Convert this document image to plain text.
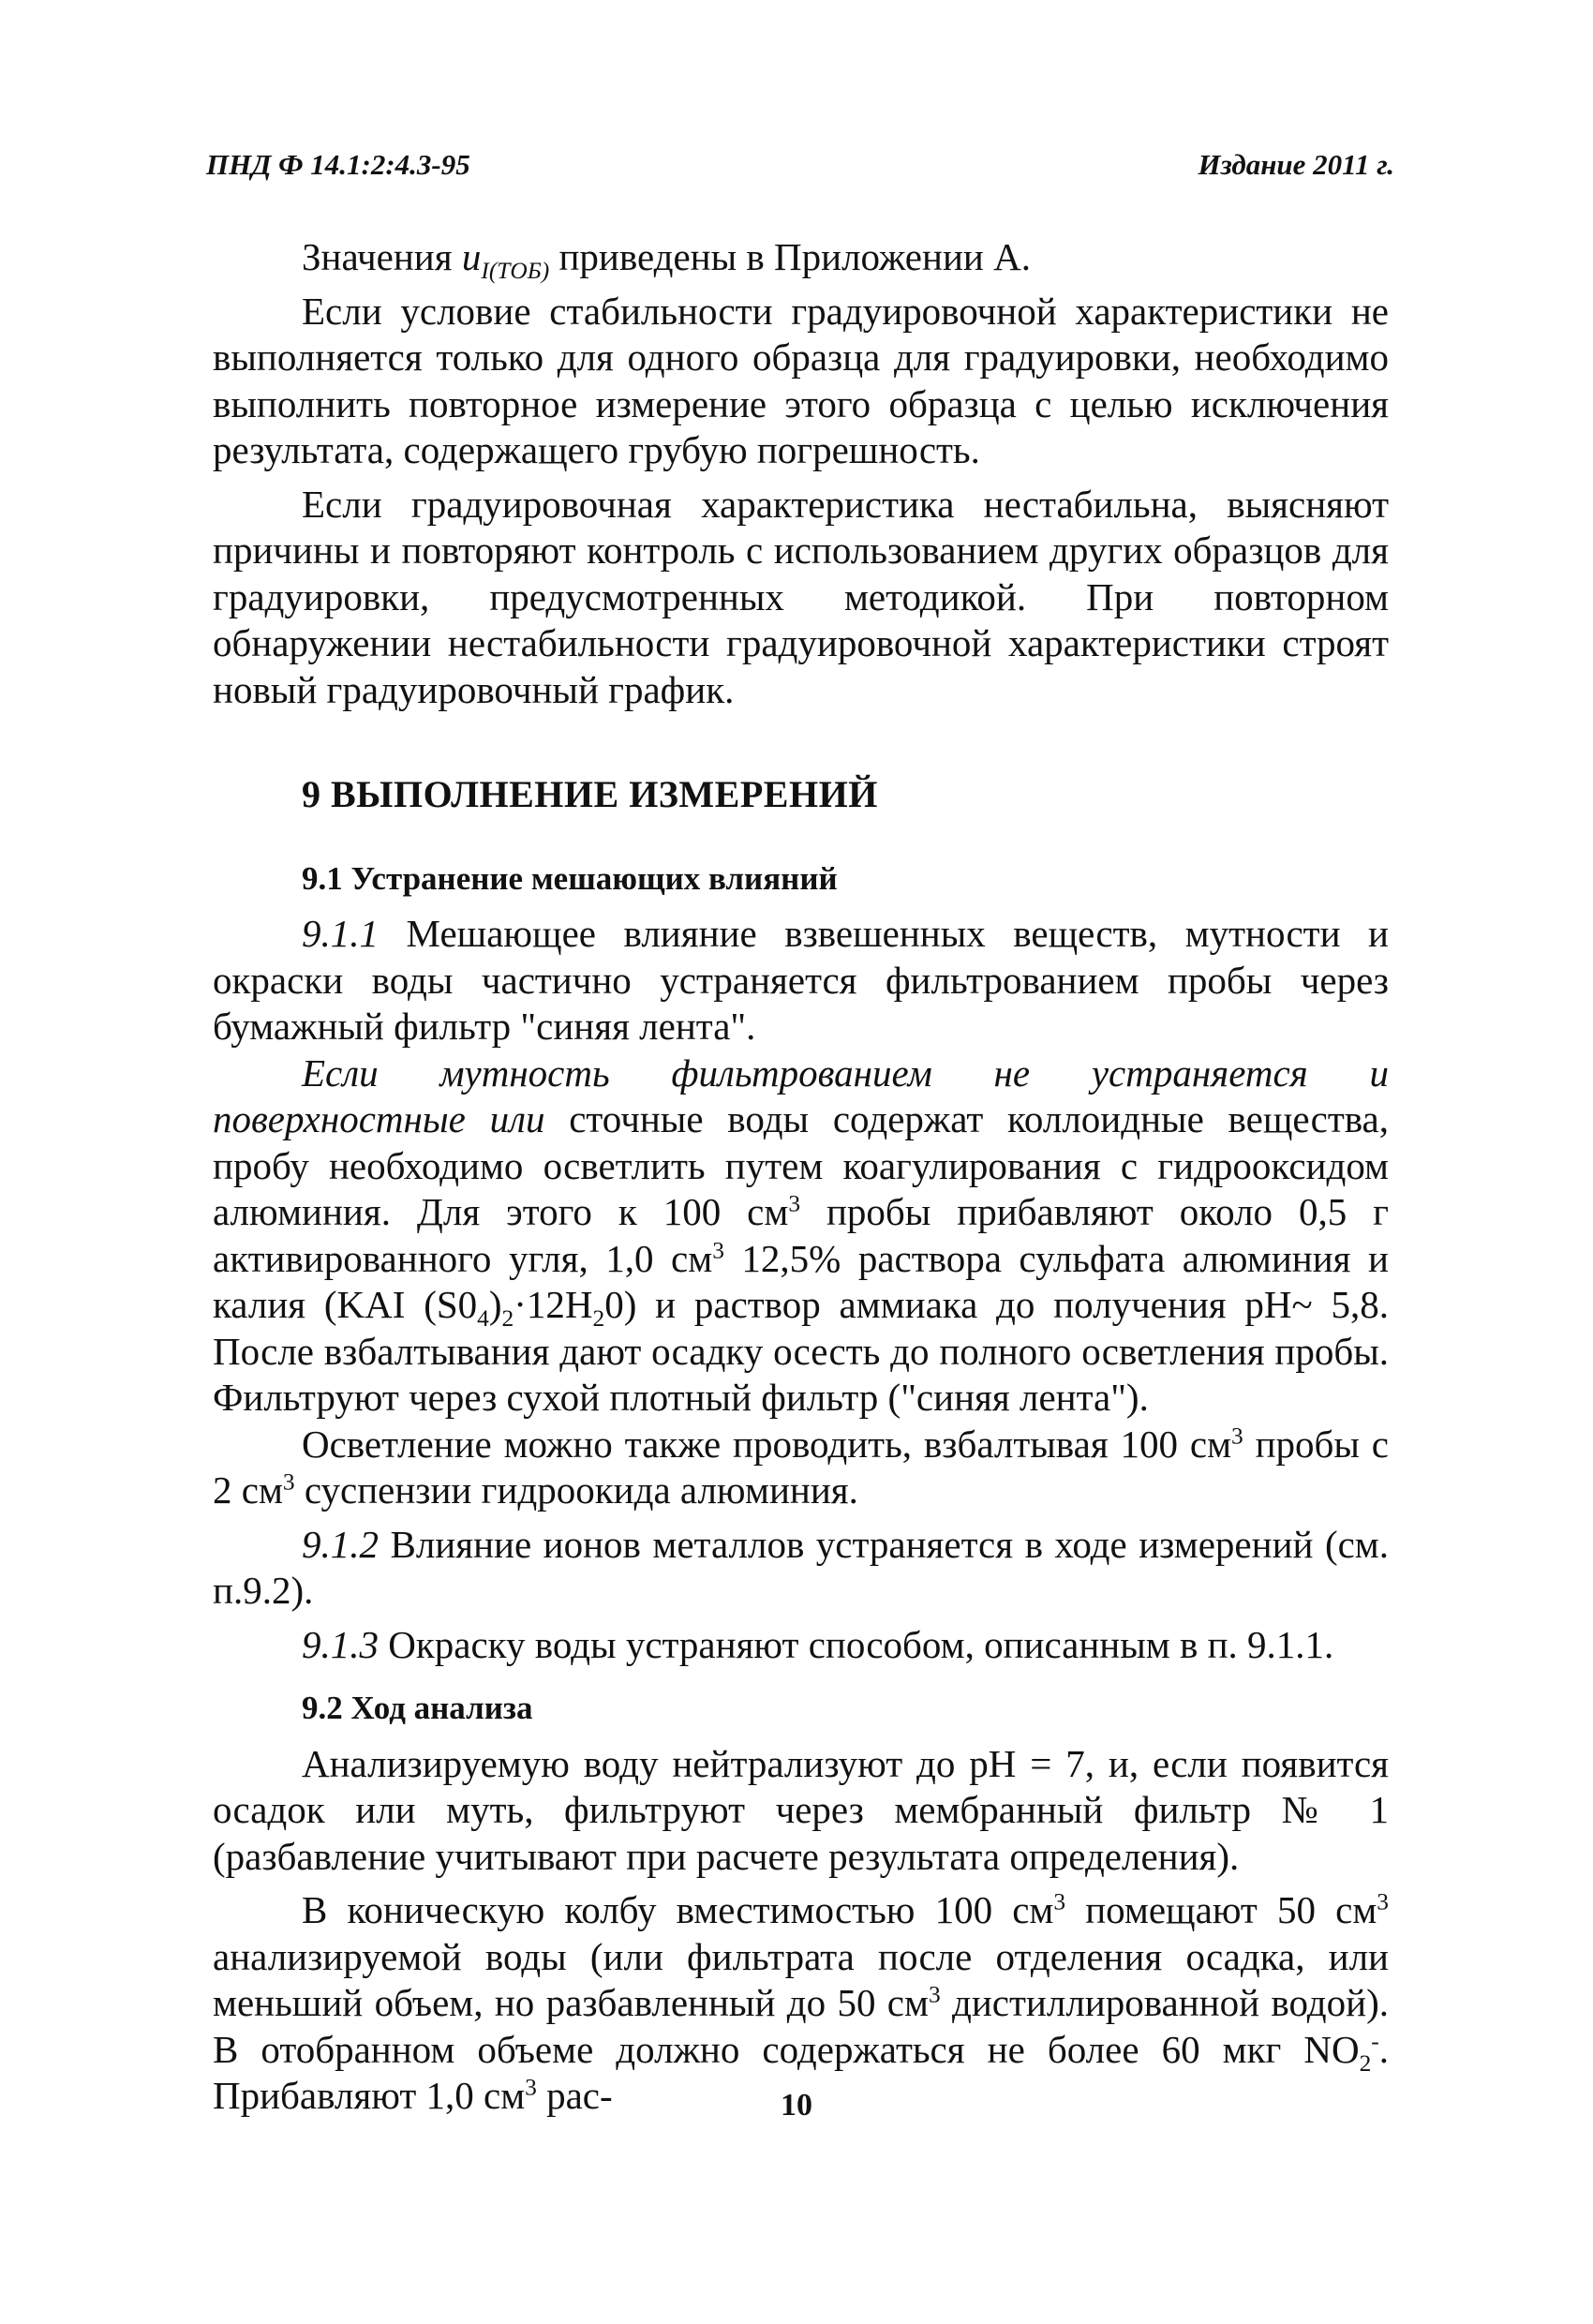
ПНД Ф 14.1:2:4.3-95	Издание 2011 г.

Значения $u_{I(ТОБ)}$ приведены в Приложении А.

Если условие стабильности градуировочной характеристики не выполняется только для одного образца для градуировки, необходимо выполнить повторное измерение этого образца с целью исключения результата, содержащего грубую погрешность.

Если градуировочная характеристика нестабильна, выясняют причины и повторяют контроль с использованием других образцов для градуировки, предусмотренных методикой. При повторном обнаружении нестабильности градуировочной характеристики строят новый градуировочный график.

9 ВЫПОЛНЕНИЕ ИЗМЕРЕНИЙ
9.1 Устранение мешающих влияний

9.1.1 Мешающее влияние взвешенных веществ, мутности и окраски воды частично устраняется фильтрованием пробы через бумажный фильтр "синяя лента".

Если мутность фильтрованием не устраняется и поверхностные или сточные воды содержат коллоидные вещества, пробу необходимо осветлить путем коагулирования с гидрооксидом алюминия. Для этого к 100 $см^3$ пробы прибавляют около 0,5 г активированного угля, 1,0 $см^3$ 12,5% раствора сульфата алюминия и калия (KAI $(S0_4)_2\cdot 12H_20$) и раствор аммиака до получения pH~ 5,8. После взбалтывания дают осадку осесть до полного осветления пробы. Фильтруют через сухой плотный фильтр ("синяя лента").

Осветление можно также проводить, взбалтывая 100 $см^3$ пробы с 2 $см^3$ суспензии гидроокида алюминия.

9.1.2 Влияние ионов металлов устраняется в ходе измерений (см. п.9.2).

9.1.3 Окраску воды устраняют способом, описанным в п. 9.1.1.

9.2 Ход анализа

Анализируемую воду нейтрализуют до pH = 7, и, если появится осадок или муть, фильтруют через мембранный фильтр № 1 (разбавление учитывают при расчете результата определения).

В коническую колбу вместимостью 100 $см^3$ помещают 50 $см^3$ анализируемой воды (или фильтрата после отделения осадка, или меньший объем, но разбавленный до 50 $см^3$ дистиллированной водой). В отобранном объеме должно содержаться не более 60 мкг $NO_2^-$. Прибавляют 1,0 $см^3$ рас-	10
